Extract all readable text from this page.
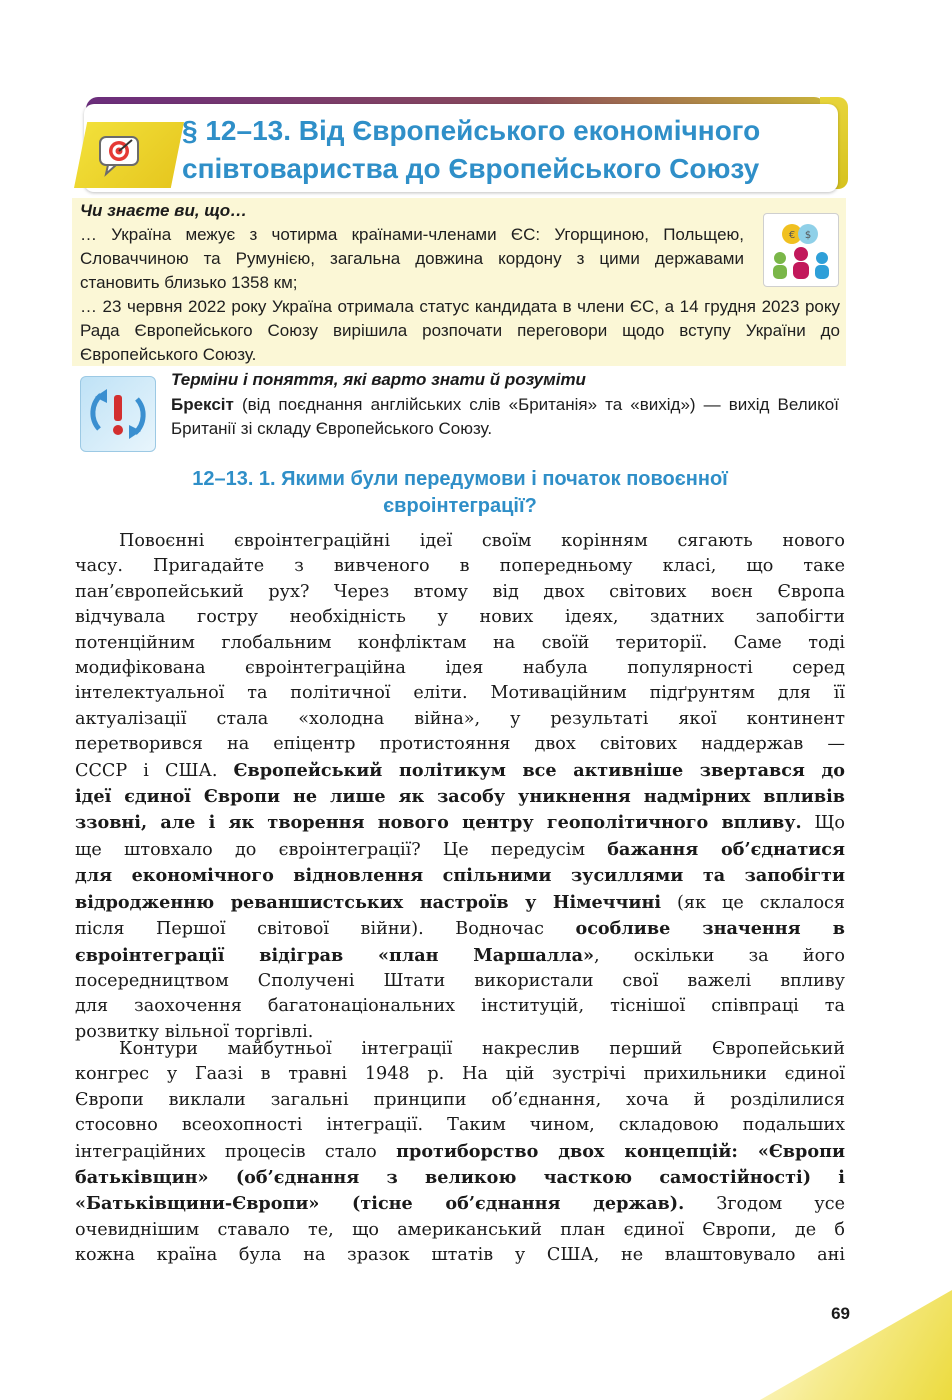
§ 12–13. Від Європейського економічного
співтовариства до Європейського Союзу

Чи знаєте ви, що…

… Україна межує з чотирма країнами-членами ЄС: Угорщиною, Польщею, Словаччиною та Румунією, загальна довжина кордону з цими державами становить близько 1358 км;

… 23 червня 2022 року Україна отримала статус кандидата в члени ЄС, а 14 грудня 2023 року Рада Європейського Союзу вирішила розпочати переговори щодо вступу України до Європейського Союзу.

€ $

Терміни і поняття, які варто знати й розуміти

Брексіт (від поєднання англійських слів «Британія» та «вихід») — вихід Великої Британії зі складу Європейського Союзу.

12–13. 1. Якими були передумови і початок повоєнної
євроінтеграції?
Повоєнні євроінтеграційні ідеї своїм корінням сягають нового
часу. Пригадайте з вивченого в попередньому класі, що таке
пан’європейський рух? Через втому від двох світових воєн Європа
відчувала гостру необхідність у нових ідеях, здатних запобігти
потенційним глобальним конфліктам на своїй території. Саме тоді
модифікована євроінтеграційна ідея набула популярності серед
інтелектуальної та політичної еліти. Мотиваційним підґрунтям для її
актуалізації стала «холодна війна», у результаті якої континент
перетворився на епіцентр протистояння двох світових наддержав —
СССР і США. Європейський політикум все активніше звертався до
ідеї єдиної Європи не лише як засобу уникнення надмірних впливів
ззовні, але і як творення нового центру геополітичного впливу. Що
ще штовхало до євроінтеграції? Це передусім бажання об’єднатися
для економічного відновлення спільними зусиллями та запобігти
відродженню реваншистських настроїв у Німеччині (як це склалося
після Першої світової війни). Водночас особливе значення в
євроінтеграції відіграв «план Маршалла», оскільки за його
посередництвом Сполучені Штати використали свої важелі впливу
для заохочення багатонаціональних інституцій, тіснішої співпраці та
розвитку вільної торгівлі.
Контури майбутньої інтеграції накреслив перший Європейський
конгрес у Гаазі в травні 1948 р. На цій зустрічі прихильники єдиної
Європи виклали загальні принципи об’єднання, хоча й розділилися
стосовно всеохопності інтеграції. Таким чином, складовою подальших
інтеграційних процесів стало протиборство двох концепцій: «Європи
батьківщин» (об’єднання з великою часткою самостійності) і
«Батьківщини-Європи» (тісне об’єднання держав). Згодом усе
очевиднішим ставало те, що американський план єдиної Європи, де б
кожна країна була на зразок штатів у США, не влаштовувало ані

69
